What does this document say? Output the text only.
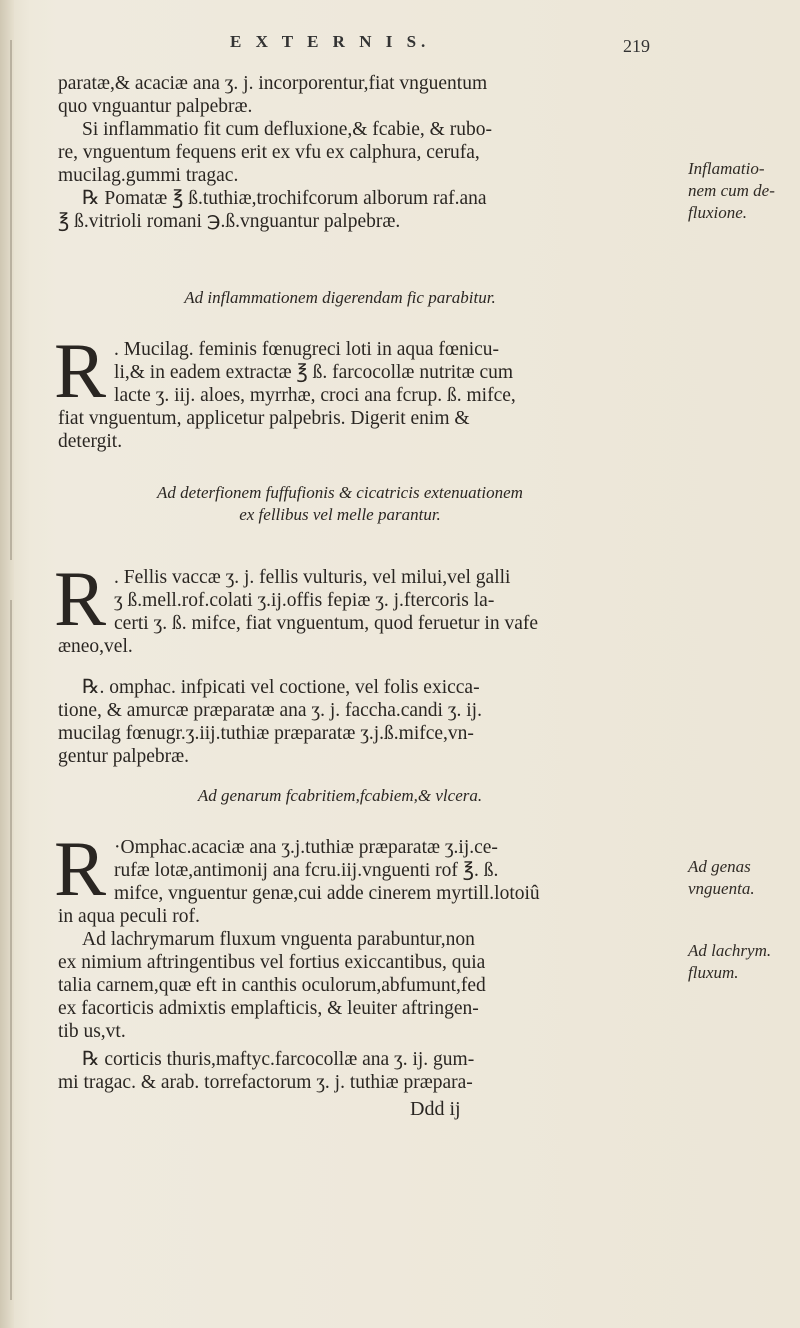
E X T E R N I S.	219

paratæ,& acaciæ ana ʒ. j. incorporentur,fiat vnguentum

quo vnguantur palpebræ.

Si inflammatio fit cum defluxione,& fcabie, & rubo-

re, vnguentum fequens erit ex vfu ex calphura, cerufa,

mucilag.gummi tragac.

℞ Pomatæ ℥ ß.tuthiæ,trochifcorum alborum raf.ana

℥ ß.vitrioli romani ℈.ß.vnguantur palpebræ.

Inflamatio-
nem cum de-
fluxione.
Ad inflammationem digerendam fic parabitur.
R . Mucilag. feminis fœnugreci loti in aqua fœnicu-

li,& in eadem extractæ ℥ ß. farcocollæ nutritæ cum

lacte ʒ. iij. aloes, myrrhæ, croci ana fcrup. ß. mifce,

fiat vnguentum, applicetur palpebris. Digerit enim &

detergit.

Ad deterfionem fuffufionis & cicatricis extenuationem
ex fellibus vel melle parantur.
R . Fellis vaccæ ʒ. j. fellis vulturis, vel milui,vel galli

ʒ ß.mell.rof.colati ʒ.ij.offis fepiæ ʒ. j.ftercoris la-

certi ʒ. ß. mifce, fiat vnguentum, quod feruetur in vafe

æneo,vel.

℞. omphac. infpicati vel coctione, vel folis exicca-

tione, & amurcæ præparatæ ana ʒ. j. faccha.candi ʒ. ij.

mucilag fœnugr.ʒ.iij.tuthiæ præparatæ ʒ.j.ß.mifce,vn-

gentur palpebræ.

Ad genarum fcabritiem,fcabiem,& vlcera.
R ·Omphac.acaciæ ana ʒ.j.tuthiæ præparatæ ʒ.ij.ce-

rufæ lotæ,antimonij ana fcru.iij.vnguenti rof ℥. ß.

mifce, vnguentur genæ,cui adde cinerem myrtill.lotoiû

in aqua peculi rof.

Ad genas
vnguenta.

Ad lachrymarum fluxum vnguenta parabuntur,non

ex nimium aftringentibus vel fortius exiccantibus, quia

talia carnem,quæ eft in canthis oculorum,abfumunt,fed

ex facorticis admixtis emplafticis, & leuiter aftringen-

tib us,vt.

Ad lachrym.
fluxum.

℞ corticis thuris,maftyc.farcocollæ ana ʒ. ij. gum-

mi tragac. & arab. torrefactorum ʒ. j. tuthiæ præpara-

Ddd ij
